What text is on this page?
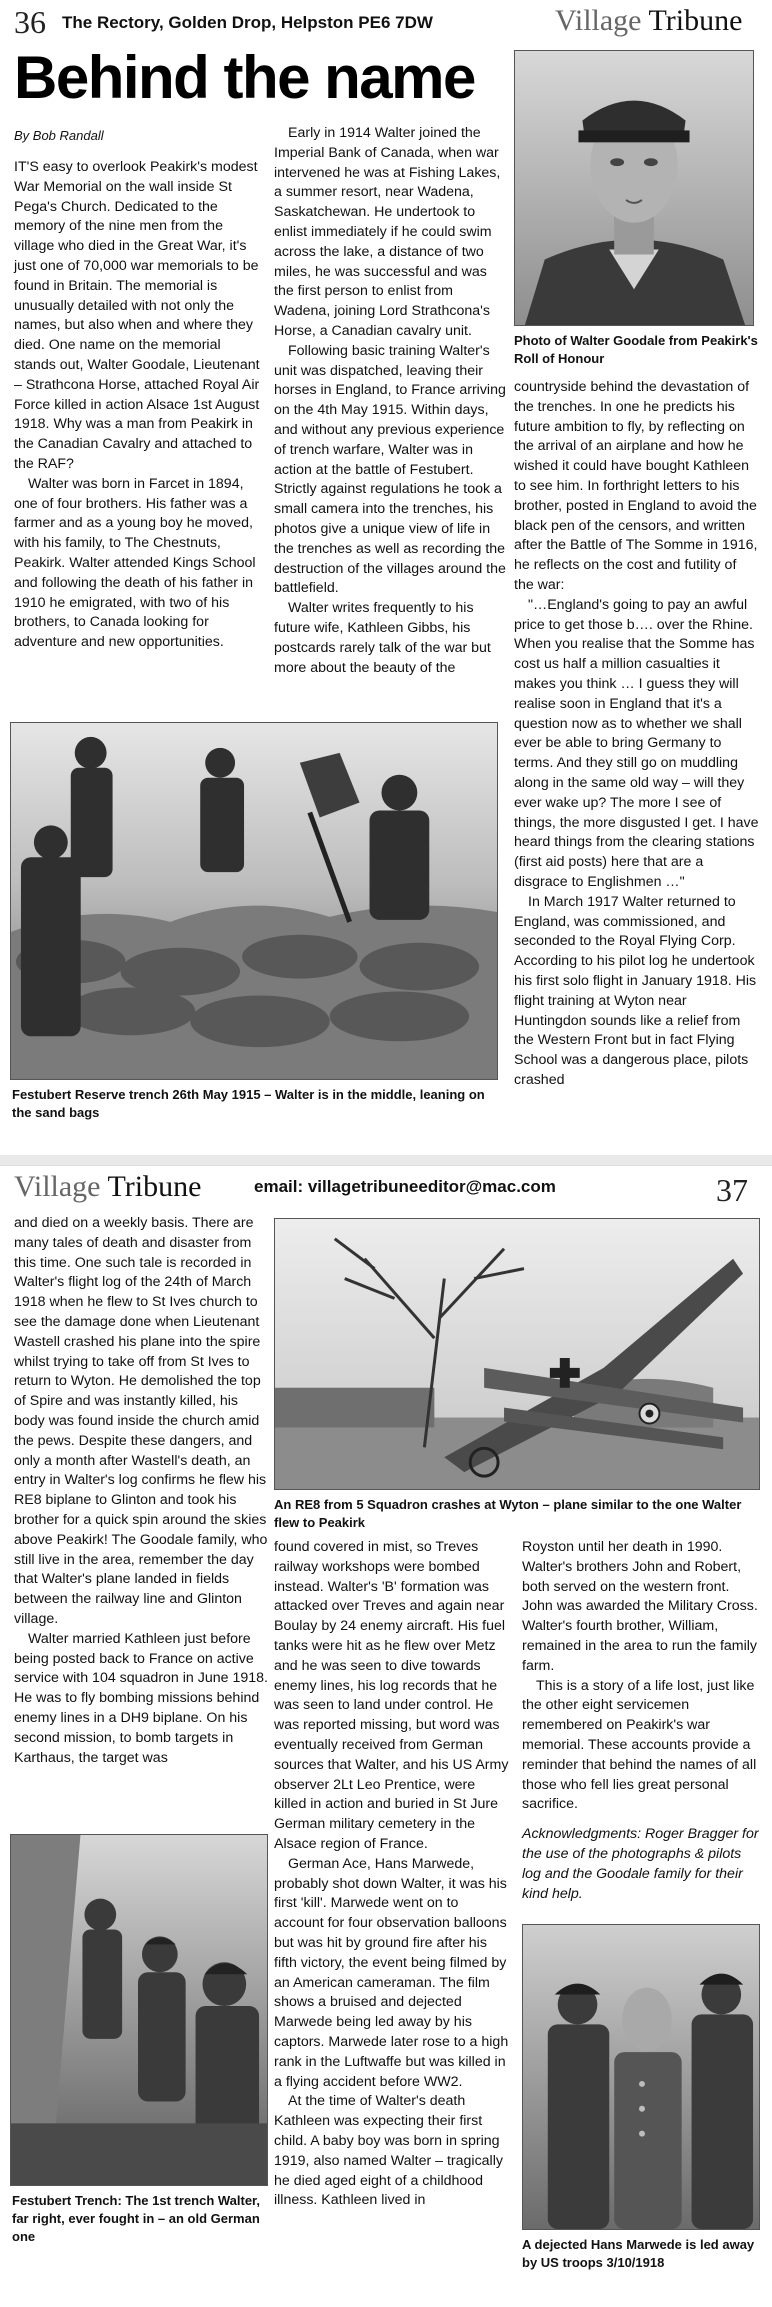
36 The Rectory, Golden Drop, Helpston PE6 7DW	Village Tribune
Behind the name
By Bob Randall

IT'S easy to overlook Peakirk's modest War Memorial on the wall inside St Pega's Church. Dedicated to the memory of the nine men from the village who died in the Great War, it's just one of 70,000 war memorials to be found in Britain. The memorial is unusually detailed with not only the names, but also when and where they died. One name on the memorial stands out, Walter Goodale, Lieutenant – Strathcona Horse, attached Royal Air Force killed in action Alsace 1st August 1918. Why was a man from Peakirk in the Canadian Cavalry and attached to the RAF?

Walter was born in Farcet in 1894, one of four brothers. His father was a farmer and as a young boy he moved, with his family, to The Chestnuts, Peakirk. Walter attended Kings School and following the death of his father in 1910 he emigrated, with two of his brothers, to Canada looking for adventure and new opportunities.

Early in 1914 Walter joined the Imperial Bank of Canada, when war intervened he was at Fishing Lakes, a summer resort, near Wadena, Saskatchewan. He undertook to enlist immediately if he could swim across the lake, a distance of two miles, he was successful and was the first person to enlist from Wadena, joining Lord Strathcona's Horse, a Canadian cavalry unit.

Following basic training Walter's unit was dispatched, leaving their horses in England, to France arriving on the 4th May 1915. Within days, and without any previous experience of trench warfare, Walter was in action at the battle of Festubert. Strictly against regulations he took a small camera into the trenches, his photos give a unique view of life in the trenches as well as recording the destruction of the villages around the battlefield.

Walter writes frequently to his future wife, Kathleen Gibbs, his postcards rarely talk of the war but more about the beauty of the

Photo of Walter Goodale from Peakirk's Roll of Honour

countryside behind the devastation of the trenches. In one he predicts his future ambition to fly, by reflecting on the arrival of an airplane and how he wished it could have bought Kathleen to see him. In forthright letters to his brother, posted in England to avoid the black pen of the censors, and written after the Battle of The Somme in 1916, he reflects on the cost and futility of the war:

"…England's going to pay an awful price to get those b…. over the Rhine. When you realise that the Somme has cost us half a million casualties it makes you think … I guess they will realise soon in England that it's a question now as to whether we shall ever be able to bring Germany to terms. And they still go on muddling along in the same old way – will they ever wake up? The more I see of things, the more disgusted I get. I have heard things from the clearing stations (first aid posts) here that are a disgrace to Englishmen …"

In March 1917 Walter returned to England, was commissioned, and seconded to the Royal Flying Corp. According to his pilot log he undertook his first solo flight in January 1918. His flight training at Wyton near Huntingdon sounds like a relief from the Western Front but in fact Flying School was a dangerous place, pilots crashed

Festubert Reserve trench 26th May 1915 – Walter is in the middle, leaning on the sand bags
Village Tribune	email: villagetribuneeditor@mac.com	37

and died on a weekly basis. There are many tales of death and disaster from this time. One such tale is recorded in Walter's flight log of the 24th of March 1918 when he flew to St Ives church to see the damage done when Lieutenant Wastell crashed his plane into the spire whilst trying to take off from St Ives to return to Wyton. He demolished the top of Spire and was instantly killed, his body was found inside the church amid the pews. Despite these dangers, and only a month after Wastell's death, an entry in Walter's log confirms he flew his RE8 biplane to Glinton and took his brother for a quick spin around the skies above Peakirk! The Goodale family, who still live in the area, remember the day that Walter's plane landed in fields between the railway line and Glinton village.

Walter married Kathleen just before being posted back to France on active service with 104 squadron in June 1918. He was to fly bombing missions behind enemy lines in a DH9 biplane. On his second mission, to bomb targets in Karthaus, the target was

An RE8 from 5 Squadron crashes at Wyton – plane similar to the one Walter flew to Peakirk

found covered in mist, so Treves railway workshops were bombed instead. Walter's 'B' formation was attacked over Treves and again near Boulay by 24 enemy aircraft. His fuel tanks were hit as he flew over Metz and he was seen to dive towards enemy lines, his log records that he was seen to land under control. He was reported missing, but word was eventually received from German sources that Walter, and his US Army observer 2Lt Leo Prentice, were killed in action and buried in St Jure German military cemetery in the Alsace region of France.

German Ace, Hans Marwede, probably shot down Walter, it was his first 'kill'. Marwede went on to account for four observation balloons but was hit by ground fire after his fifth victory, the event being filmed by an American cameraman. The film shows a bruised and dejected Marwede being led away by his captors. Marwede later rose to a high rank in the Luftwaffe but was killed in a flying accident before WW2.

At the time of Walter's death Kathleen was expecting their first child. A baby boy was born in spring 1919, also named Walter – tragically he died aged eight of a childhood illness. Kathleen lived in

Royston until her death in 1990. Walter's brothers John and Robert, both served on the western front. John was awarded the Military Cross. Walter's fourth brother, William, remained in the area to run the family farm.

This is a story of a life lost, just like the other eight servicemen remembered on Peakirk's war memorial. These accounts provide a reminder that behind the names of all those who fell lies great personal sacrifice.

Acknowledgments: Roger Bragger for the use of the photographs & pilots log and the Goodale family for their kind help.

Festubert Trench: The 1st trench Walter, far right, ever fought in – an old German one
A dejected Hans Marwede is led away by US troops 3/10/1918
